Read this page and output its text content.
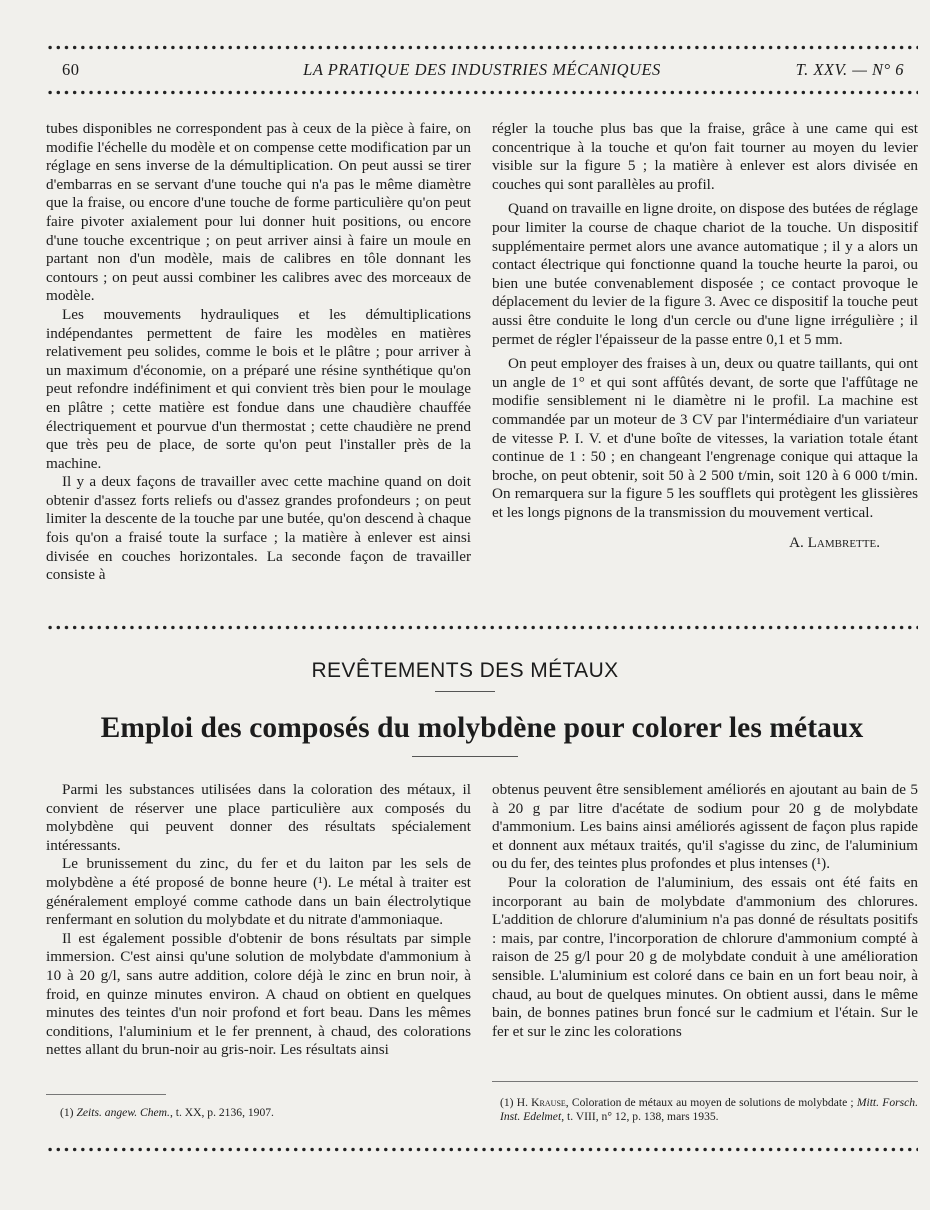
60	LA PRATIQUE DES INDUSTRIES MÉCANIQUES	T. XXV. — N° 6

tubes disponibles ne correspondent pas à ceux de la pièce à faire, on modifie l'échelle du modèle et on compense cette modification par un réglage en sens inverse de la démultiplication. On peut aussi se tirer d'embarras en se servant d'une touche qui n'a pas le même diamètre que la fraise, ou encore d'une touche de forme particulière qu'on peut faire pivoter axialement pour lui donner huit positions, ou encore d'une touche excentrique ; on peut arriver ainsi à faire un moule en partant non d'un modèle, mais de calibres en tôle donnant les contours ; on peut aussi combiner les calibres avec des morceaux de modèle.

Les mouvements hydrauliques et les démultiplications indépendantes permettent de faire les modèles en matières relativement peu solides, comme le bois et le plâtre ; pour arriver à un maximum d'économie, on a préparé une résine synthétique qu'on peut refondre indéfiniment et qui convient très bien pour le moulage en plâtre ; cette matière est fondue dans une chaudière chauffée électriquement et pourvue d'un thermostat ; cette chaudière ne prend que très peu de place, de sorte qu'on peut l'installer près de la machine.

Il y a deux façons de travailler avec cette machine quand on doit obtenir d'assez forts reliefs ou d'assez grandes profondeurs ; on peut limiter la descente de la touche par une butée, qu'on descend à chaque fois qu'on a fraisé toute la surface ; la matière à enlever est ainsi divisée en couches horizontales. La seconde façon de travailler consiste à

régler la touche plus bas que la fraise, grâce à une came qui est concentrique à la touche et qu'on fait tourner au moyen du levier visible sur la figure 5 ; la matière à enlever est alors divisée en couches qui sont parallèles au profil.

Quand on travaille en ligne droite, on dispose des butées de réglage pour limiter la course de chaque chariot de la touche. Un dispositif supplémentaire permet alors une avance automatique ; il y a alors un contact électrique qui fonctionne quand la touche heurte la paroi, ou bien une butée convenablement disposée ; ce contact provoque le déplacement du levier de la figure 3. Avec ce dispositif la touche peut aussi être conduite le long d'un cercle ou d'une ligne irrégulière ; il permet de régler l'épaisseur de la passe entre 0,1 et 5 mm.

On peut employer des fraises à un, deux ou quatre taillants, qui ont un angle de 1° et qui sont affûtés devant, de sorte que l'affûtage ne modifie sensiblement ni le diamètre ni le profil. La machine est commandée par un moteur de 3 CV par l'intermédiaire d'un variateur de vitesse P. I. V. et d'une boîte de vitesses, la variation totale étant continue de 1 : 50 ; en changeant l'engrenage conique qui attaque la broche, on peut obtenir, soit 50 à 2 500 t/min, soit 120 à 6 000 t/min. On remarquera sur la figure 5 les soufflets qui protègent les glissières et les longs pignons de la transmission du mouvement vertical.

A. Lambrette.

REVÊTEMENTS DES MÉTAUX
Emploi des composés du molybdène pour colorer les métaux

Parmi les substances utilisées dans la coloration des métaux, il convient de réserver une place particulière aux composés du molybdène qui peuvent donner des résultats spécialement intéressants.

Le brunissement du zinc, du fer et du laiton par les sels de molybdène a été proposé de bonne heure (¹). Le métal à traiter est généralement employé comme cathode dans un bain électrolytique renfermant en solution du molybdate et du nitrate d'ammoniaque.

Il est également possible d'obtenir de bons résultats par simple immersion. C'est ainsi qu'une solution de molybdate d'ammonium à 10 à 20 g/l, sans autre addition, colore déjà le zinc en brun noir, à froid, en quinze minutes environ. A chaud on obtient en quelques minutes des teintes d'un noir profond et fort beau. Dans les mêmes conditions, l'aluminium et le fer prennent, à chaud, des colorations nettes allant du brun-noir au gris-noir. Les résultats ainsi

obtenus peuvent être sensiblement améliorés en ajoutant au bain de 5 à 20 g par litre d'acétate de sodium pour 20 g de molybdate d'ammonium. Les bains ainsi améliorés agissent de façon plus rapide et donnent aux métaux traités, qu'il s'agisse du zinc, de l'aluminium ou du fer, des teintes plus profondes et plus intenses (¹).

Pour la coloration de l'aluminium, des essais ont été faits en incorporant au bain de molybdate d'ammonium des chlorures. L'addition de chlorure d'aluminium n'a pas donné de résultats positifs : mais, par contre, l'incorporation de chlorure d'ammonium compté à raison de 25 g/l pour 20 g de molybdate conduit à une amélioration sensible. L'aluminium est coloré dans ce bain en un fort beau noir, à chaud, au bout de quelques minutes. On obtient aussi, dans le même bain, de bonnes patines brun foncé sur le cadmium et l'étain. Sur le fer et sur le zinc les colorations

(1) Zeits. angew. Chem., t. XX, p. 2136, 1907.
(1) H. Krause, Coloration de métaux au moyen de solutions de molybdate ; Mitt. Forsch. Inst. Edelmet, t. VIII, n° 12, p. 138, mars 1935.
